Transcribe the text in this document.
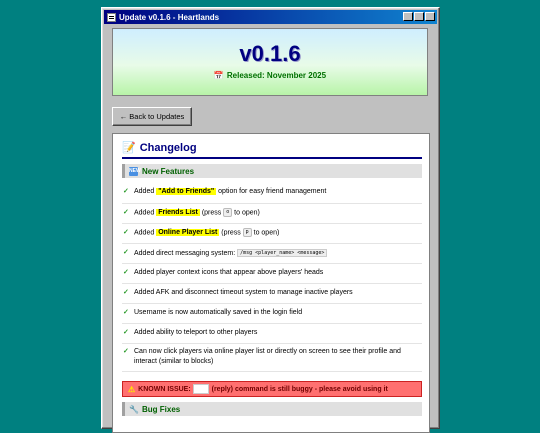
Update v0.1.6 - Heartlands
v0.1.6
📅 Released: November 2025
← Back to Updates
📝 Changelog
NEW New Features
✓ Added "Add to Friends" option for easy friend management
✓ Added Friends List (press o to open)
✓ Added Online Player List (press p to open)
✓ Added direct messaging system: /msg <player_name> <message>
✓ Added player context icons that appear above players' heads
✓ Added AFK and disconnect timeout system to manage inactive players
✓ Username is now automatically saved in the login field
✓ Added ability to teleport to other players
✓ Can now click players via online player list or directly on screen to see their profile and interact (similar to blocks)
⚠ KNOWN ISSUE:
	/r	(reply) command is still buggy - please avoid using it
🔧 Bug Fixes
